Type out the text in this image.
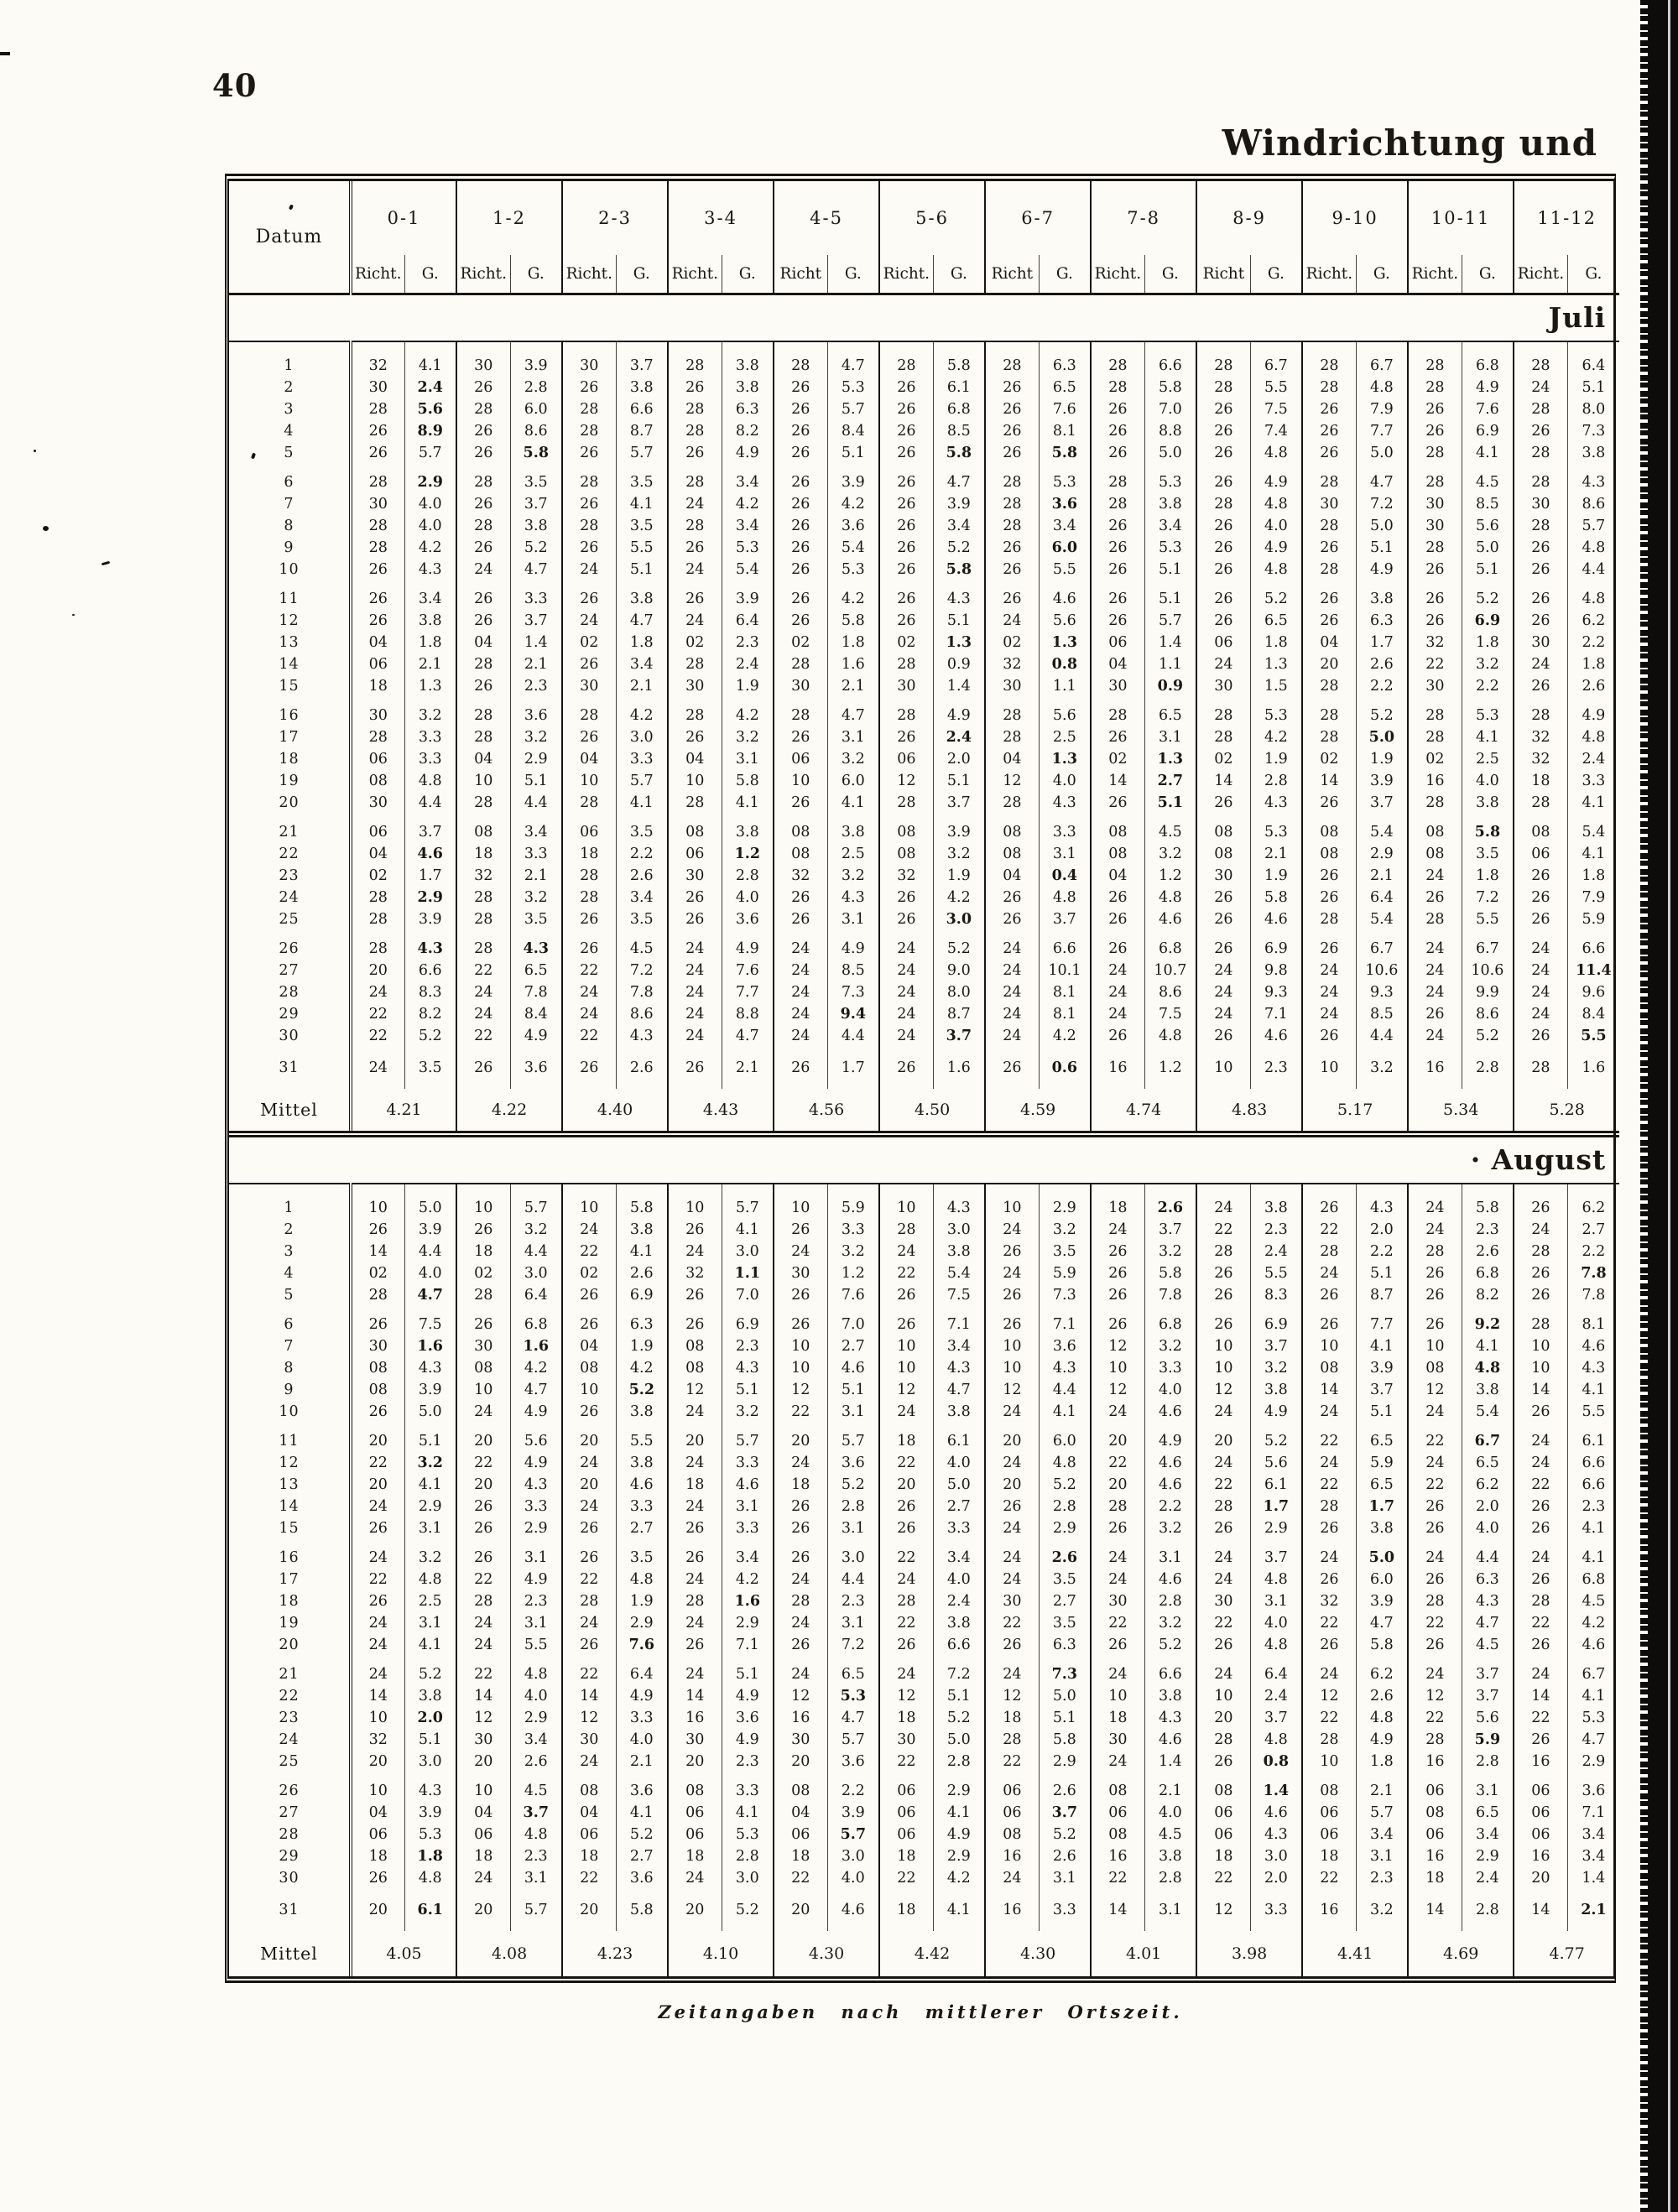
40
Windrichtung und
Datum	0-1		1-2		2-3		3-4		4-5		5-6		6-7		7-8		8-9		9-10		10-11		11-12	
	Richt.	G.	Richt.	G.	Richt.	G.	Richt.	G.	Richt	G.	Richt.	G.	Richt	G.	Richt.	G.	Richt	G.	Richt.	G.	Richt.	G.	Richt.	G.
Juli																								

1	32	4.1	30	3.9	30	3.7	28	3.8	28	4.7	28	5.8	28	6.3	28	6.6	28	6.7	28	6.7	28	6.8	28	6.4
2	30	2.4	26	2.8	26	3.8	26	3.8	26	5.3	26	6.1	26	6.5	28	5.8	28	5.5	28	4.8	28	4.9	24	5.1
3	28	5.6	28	6.0	28	6.6	28	6.3	26	5.7	26	6.8	26	7.6	26	7.0	26	7.5	26	7.9	26	7.6	28	8.0
4	26	8.9	26	8.6	28	8.7	28	8.2	26	8.4	26	8.5	26	8.1	26	8.8	26	7.4	26	7.7	26	6.9	26	7.3
5	26	5.7	26	5.8	26	5.7	26	4.9	26	5.1	26	5.8	26	5.8	26	5.0	26	4.8	26	5.0	28	4.1	28	3.8

6	28	2.9	28	3.5	28	3.5	28	3.4	26	3.9	26	4.7	28	5.3	28	5.3	26	4.9	28	4.7	28	4.5	28	4.3
7	30	4.0	26	3.7	26	4.1	24	4.2	26	4.2	26	3.9	28	3.6	28	3.8	28	4.8	30	7.2	30	8.5	30	8.6
8	28	4.0	28	3.8	28	3.5	28	3.4	26	3.6	26	3.4	28	3.4	26	3.4	26	4.0	28	5.0	30	5.6	28	5.7
9	28	4.2	26	5.2	26	5.5	26	5.3	26	5.4	26	5.2	26	6.0	26	5.3	26	4.9	26	5.1	28	5.0	26	4.8
10	26	4.3	24	4.7	24	5.1	24	5.4	26	5.3	26	5.8	26	5.5	26	5.1	26	4.8	28	4.9	26	5.1	26	4.4

11	26	3.4	26	3.3	26	3.8	26	3.9	26	4.2	26	4.3	26	4.6	26	5.1	26	5.2	26	3.8	26	5.2	26	4.8
12	26	3.8	26	3.7	24	4.7	24	6.4	26	5.8	26	5.1	24	5.6	26	5.7	26	6.5	26	6.3	26	6.9	26	6.2
13	04	1.8	04	1.4	02	1.8	02	2.3	02	1.8	02	1.3	02	1.3	06	1.4	06	1.8	04	1.7	32	1.8	30	2.2
14	06	2.1	28	2.1	26	3.4	28	2.4	28	1.6	28	0.9	32	0.8	04	1.1	24	1.3	20	2.6	22	3.2	24	1.8
15	18	1.3	26	2.3	30	2.1	30	1.9	30	2.1	30	1.4	30	1.1	30	0.9	30	1.5	28	2.2	30	2.2	26	2.6

16	30	3.2	28	3.6	28	4.2	28	4.2	28	4.7	28	4.9	28	5.6	28	6.5	28	5.3	28	5.2	28	5.3	28	4.9
17	28	3.3	28	3.2	26	3.0	26	3.2	26	3.1	26	2.4	28	2.5	26	3.1	28	4.2	28	5.0	28	4.1	32	4.8
18	06	3.3	04	2.9	04	3.3	04	3.1	06	3.2	06	2.0	04	1.3	02	1.3	02	1.9	02	1.9	02	2.5	32	2.4
19	08	4.8	10	5.1	10	5.7	10	5.8	10	6.0	12	5.1	12	4.0	14	2.7	14	2.8	14	3.9	16	4.0	18	3.3
20	30	4.4	28	4.4	28	4.1	28	4.1	26	4.1	28	3.7	28	4.3	26	5.1	26	4.3	26	3.7	28	3.8	28	4.1

21	06	3.7	08	3.4	06	3.5	08	3.8	08	3.8	08	3.9	08	3.3	08	4.5	08	5.3	08	5.4	08	5.8	08	5.4
22	04	4.6	18	3.3	18	2.2	06	1.2	08	2.5	08	3.2	08	3.1	08	3.2	08	2.1	08	2.9	08	3.5	06	4.1
23	02	1.7	32	2.1	28	2.6	30	2.8	32	3.2	32	1.9	04	0.4	04	1.2	30	1.9	26	2.1	24	1.8	26	1.8
24	28	2.9	28	3.2	28	3.4	26	4.0	26	4.3	26	4.2	26	4.8	26	4.8	26	5.8	26	6.4	26	7.2	26	7.9
25	28	3.9	28	3.5	26	3.5	26	3.6	26	3.1	26	3.0	26	3.7	26	4.6	26	4.6	28	5.4	28	5.5	26	5.9

26	28	4.3	28	4.3	26	4.5	24	4.9	24	4.9	24	5.2	24	6.6	26	6.8	26	6.9	26	6.7	24	6.7	24	6.6
27	20	6.6	22	6.5	22	7.2	24	7.6	24	8.5	24	9.0	24	10.1	24	10.7	24	9.8	24	10.6	24	10.6	24	11.4
28	24	8.3	24	7.8	24	7.8	24	7.7	24	7.3	24	8.0	24	8.1	24	8.6	24	9.3	24	9.3	24	9.9	24	9.6
29	22	8.2	24	8.4	24	8.6	24	8.8	24	9.4	24	8.7	24	8.1	24	7.5	24	7.1	24	8.5	26	8.6	24	8.4
30	22	5.2	22	4.9	22	4.3	24	4.7	24	4.4	24	3.7	24	4.2	26	4.8	26	4.6	26	4.4	24	5.2	26	5.5

31	24	3.5	26	3.6	26	2.6	26	2.1	26	1.7	26	1.6	26	0.6	16	1.2	10	2.3	10	3.2	16	2.8	28	1.6

Mittel	4.21		4.22		4.40		4.43		4.56		4.50		4.59		4.74		4.83		5.17		5.34		5.28	
· August																								

1	10	5.0	10	5.7	10	5.8	10	5.7	10	5.9	10	4.3	10	2.9	18	2.6	24	3.8	26	4.3	24	5.8	26	6.2
2	26	3.9	26	3.2	24	3.8	26	4.1	26	3.3	28	3.0	24	3.2	24	3.7	22	2.3	22	2.0	24	2.3	24	2.7
3	14	4.4	18	4.4	22	4.1	24	3.0	24	3.2	24	3.8	26	3.5	26	3.2	28	2.4	28	2.2	28	2.6	28	2.2
4	02	4.0	02	3.0	02	2.6	32	1.1	30	1.2	22	5.4	24	5.9	26	5.8	26	5.5	24	5.1	26	6.8	26	7.8
5	28	4.7	28	6.4	26	6.9	26	7.0	26	7.6	26	7.5	26	7.3	26	7.8	26	8.3	26	8.7	26	8.2	26	7.8

6	26	7.5	26	6.8	26	6.3	26	6.9	26	7.0	26	7.1	26	7.1	26	6.8	26	6.9	26	7.7	26	9.2	28	8.1
7	30	1.6	30	1.6	04	1.9	08	2.3	10	2.7	10	3.4	10	3.6	12	3.2	10	3.7	10	4.1	10	4.1	10	4.6
8	08	4.3	08	4.2	08	4.2	08	4.3	10	4.6	10	4.3	10	4.3	10	3.3	10	3.2	08	3.9	08	4.8	10	4.3
9	08	3.9	10	4.7	10	5.2	12	5.1	12	5.1	12	4.7	12	4.4	12	4.0	12	3.8	14	3.7	12	3.8	14	4.1
10	26	5.0	24	4.9	26	3.8	24	3.2	22	3.1	24	3.8	24	4.1	24	4.6	24	4.9	24	5.1	24	5.4	26	5.5

11	20	5.1	20	5.6	20	5.5	20	5.7	20	5.7	18	6.1	20	6.0	20	4.9	20	5.2	22	6.5	22	6.7	24	6.1
12	22	3.2	22	4.9	24	3.8	24	3.3	24	3.6	22	4.0	24	4.8	22	4.6	24	5.6	24	5.9	24	6.5	24	6.6
13	20	4.1	20	4.3	20	4.6	18	4.6	18	5.2	20	5.0	20	5.2	20	4.6	22	6.1	22	6.5	22	6.2	22	6.6
14	24	2.9	26	3.3	24	3.3	24	3.1	26	2.8	26	2.7	26	2.8	28	2.2	28	1.7	28	1.7	26	2.0	26	2.3
15	26	3.1	26	2.9	26	2.7	26	3.3	26	3.1	26	3.3	24	2.9	26	3.2	26	2.9	26	3.8	26	4.0	26	4.1

16	24	3.2	26	3.1	26	3.5	26	3.4	26	3.0	22	3.4	24	2.6	24	3.1	24	3.7	24	5.0	24	4.4	24	4.1
17	22	4.8	22	4.9	22	4.8	24	4.2	24	4.4	24	4.0	24	3.5	24	4.6	24	4.8	26	6.0	26	6.3	26	6.8
18	26	2.5	28	2.3	28	1.9	28	1.6	28	2.3	28	2.4	30	2.7	30	2.8	30	3.1	32	3.9	28	4.3	28	4.5
19	24	3.1	24	3.1	24	2.9	24	2.9	24	3.1	22	3.8	22	3.5	22	3.2	22	4.0	22	4.7	22	4.7	22	4.2
20	24	4.1	24	5.5	26	7.6	26	7.1	26	7.2	26	6.6	26	6.3	26	5.2	26	4.8	26	5.8	26	4.5	26	4.6

21	24	5.2	22	4.8	22	6.4	24	5.1	24	6.5	24	7.2	24	7.3	24	6.6	24	6.4	24	6.2	24	3.7	24	6.7
22	14	3.8	14	4.0	14	4.9	14	4.9	12	5.3	12	5.1	12	5.0	10	3.8	10	2.4	12	2.6	12	3.7	14	4.1
23	10	2.0	12	2.9	12	3.3	16	3.6	16	4.7	18	5.2	18	5.1	18	4.3	20	3.7	22	4.8	22	5.6	22	5.3
24	32	5.1	30	3.4	30	4.0	30	4.9	30	5.7	30	5.0	28	5.8	30	4.6	28	4.8	28	4.9	28	5.9	26	4.7
25	20	3.0	20	2.6	24	2.1	20	2.3	20	3.6	22	2.8	22	2.9	24	1.4	26	0.8	10	1.8	16	2.8	16	2.9

26	10	4.3	10	4.5	08	3.6	08	3.3	08	2.2	06	2.9	06	2.6	08	2.1	08	1.4	08	2.1	06	3.1	06	3.6
27	04	3.9	04	3.7	04	4.1	06	4.1	04	3.9	06	4.1	06	3.7	06	4.0	06	4.6	06	5.7	08	6.5	06	7.1
28	06	5.3	06	4.8	06	5.2	06	5.3	06	5.7	06	4.9	08	5.2	08	4.5	06	4.3	06	3.4	06	3.4	06	3.4
29	18	1.8	18	2.3	18	2.7	18	2.8	18	3.0	18	2.9	16	2.6	16	3.8	18	3.0	18	3.1	16	2.9	16	3.4
30	26	4.8	24	3.1	22	3.6	24	3.0	22	4.0	22	4.2	24	3.1	22	2.8	22	2.0	22	2.3	18	2.4	20	1.4

31	20	6.1	20	5.7	20	5.8	20	5.2	20	4.6	18	4.1	16	3.3	14	3.1	12	3.3	16	3.2	14	2.8	14	2.1

Mittel	4.05		4.08		4.23		4.10		4.30		4.42		4.30		4.01		3.98		4.41		4.69		4.77	
Zeitangaben nach mittlerer Ortszeit.
